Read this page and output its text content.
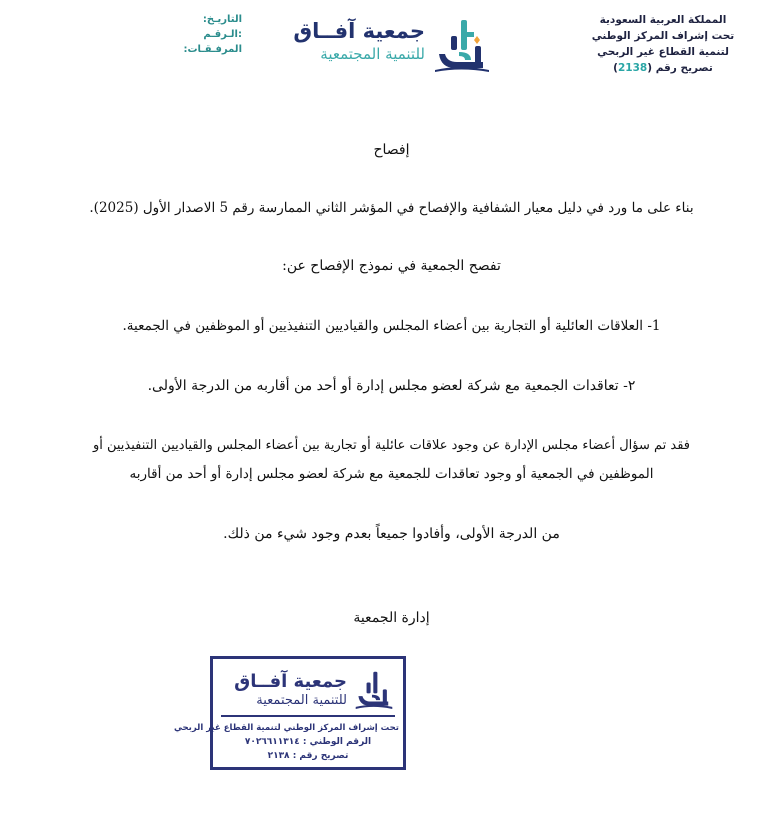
المملكة العربية السعودية
تحت إشراف المركز الوطني
لتنمية القطاع غير الربحي
تصريح رقم (2138)
جمعية آفــاق
للتنمية المجتمعية
التاريـخ:
:الـرقـم
المرفـقـات:
إفصاح
بناء على ما ورد في دليل معيار الشفافية والإفصاح في المؤشر الثاني الممارسة رقم 5 الاصدار الأول (2025).
تفصح الجمعية في نموذج الإفصاح عن:
1- العلاقات العائلية أو التجارية بين أعضاء المجلس والقياديين التنفيذيين أو الموظفين في الجمعية.
٢- تعاقدات الجمعية مع شركة لعضو مجلس إدارة أو أحد من أقاربه من الدرجة الأولى.
فقد تم سؤال أعضاء مجلس الإدارة عن وجود علاقات عائلية أو تجارية بين أعضاء المجلس والقياديين التنفيذيين أو
الموظفين في الجمعية أو وجود تعاقدات للجمعية مع شركة لعضو مجلس إدارة أو أحد من أقاربه
من الدرجة الأولى، وأفادوا جميعاً بعدم وجود شيء من ذلك.
إدارة الجمعية
جمعية آفــاق
للتنمية المجتمعية
تحت إشراف المركز الوطني لتنمية القطاع غير الربحي
الرقم الوطني : ٧٠٢٦٦١١٣١٤
تصريح رقم : ٢١٣٨
